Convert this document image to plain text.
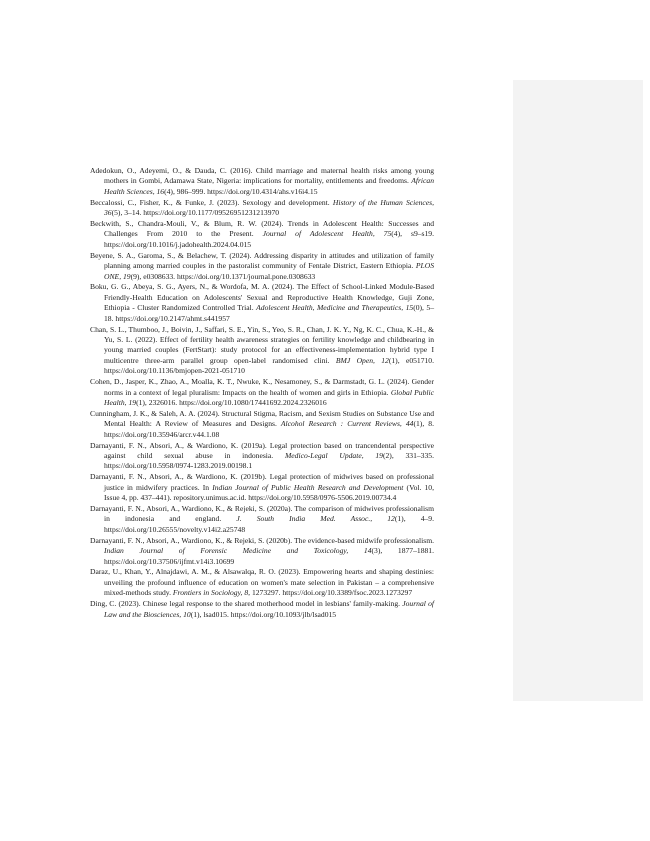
Adedokun, O., Adeyemi, O., & Dauda, C. (2016). Child marriage and maternal health risks among young mothers in Gombi, Adamawa State, Nigeria: implications for mortality, entitlements and freedoms. African Health Sciences, 16(4), 986–999. https://doi.org/10.4314/ahs.v16i4.15
Beccalossi, C., Fisher, K., & Funke, J. (2023). Sexology and development. History of the Human Sciences, 36(5), 3–14. https://doi.org/10.1177/09526951231213970
Beckwith, S., Chandra-Mouli, V., & Blum, R. W. (2024). Trends in Adolescent Health: Successes and Challenges From 2010 to the Present. Journal of Adolescent Health, 75(4), s9–s19. https://doi.org/10.1016/j.jadohealth.2024.04.015
Beyene, S. A., Garoma, S., & Belachew, T. (2024). Addressing disparity in attitudes and utilization of family planning among married couples in the pastoralist community of Fentale District, Eastern Ethiopia. PLOS ONE, 19(9), e0308633. https://doi.org/10.1371/journal.pone.0308633
Boku, G. G., Abeya, S. G., Ayers, N., & Wordofa, M. A. (2024). The Effect of School-Linked Module-Based Friendly-Health Education on Adolescents' Sexual and Reproductive Health Knowledge, Guji Zone, Ethiopia - Cluster Randomized Controlled Trial. Adolescent Health, Medicine and Therapeutics, 15(0), 5–18. https://doi.org/10.2147/ahmt.s441957
Chan, S. L., Thumboo, J., Boivin, J., Saffari, S. E., Yin, S., Yeo, S. R., Chan, J. K. Y., Ng, K. C., Chua, K.-H., & Yu, S. L. (2022). Effect of fertility health awareness strategies on fertility knowledge and childbearing in young married couples (FertStart): study protocol for an effectiveness-implementation hybrid type I multicentre three-arm parallel group open-label randomised clini. BMJ Open, 12(1), e051710. https://doi.org/10.1136/bmjopen-2021-051710
Cohen, D., Jasper, K., Zhao, A., Moalla, K. T., Nwuke, K., Nesamoney, S., & Darmstadt, G. L. (2024). Gender norms in a context of legal pluralism: Impacts on the health of women and girls in Ethiopia. Global Public Health, 19(1), 2326016. https://doi.org/10.1080/17441692.2024.2326016
Cunningham, J. K., & Saleh, A. A. (2024). Structural Stigma, Racism, and Sexism Studies on Substance Use and Mental Health: A Review of Measures and Designs. Alcohol Research : Current Reviews, 44(1), 8. https://doi.org/10.35946/arcr.v44.1.08
Darnayanti, F. N., Absori, A., & Wardiono, K. (2019a). Legal protection based on trancendental perspective against child sexual abuse in indonesia. Medico-Legal Update, 19(2), 331–335. https://doi.org/10.5958/0974-1283.2019.00198.1
Darnayanti, F. N., Absori, A., & Wardiono, K. (2019b). Legal protection of midwives based on professional justice in midwifery practices. In Indian Journal of Public Health Research and Development (Vol. 10, Issue 4, pp. 437–441). repository.unimus.ac.id. https://doi.org/10.5958/0976-5506.2019.00734.4
Darnayanti, F. N., Absori, A., Wardiono, K., & Rejeki, S. (2020a). The comparison of midwives professionalism in indonesia and england. J. South India Med. Assoc., 12(1), 4–9. https://doi.org/10.26555/novelty.v14i2.a25748
Darnayanti, F. N., Absori, A., Wardiono, K., & Rejeki, S. (2020b). The evidence-based midwife professionalism. Indian Journal of Forensic Medicine and Toxicology, 14(3), 1877–1881. https://doi.org/10.37506/ijfmt.v14i3.10699
Daraz, U., Khan, Y., Alnajdawi, A. M., & Alsawalqa, R. O. (2023). Empowering hearts and shaping destinies: unveiling the profound influence of education on women's mate selection in Pakistan – a comprehensive mixed-methods study. Frontiers in Sociology, 8, 1273297. https://doi.org/10.3389/fsoc.2023.1273297
Ding, C. (2023). Chinese legal response to the shared motherhood model in lesbians' family-making. Journal of Law and the Biosciences, 10(1), lsad015. https://doi.org/10.1093/jlb/lsad015
